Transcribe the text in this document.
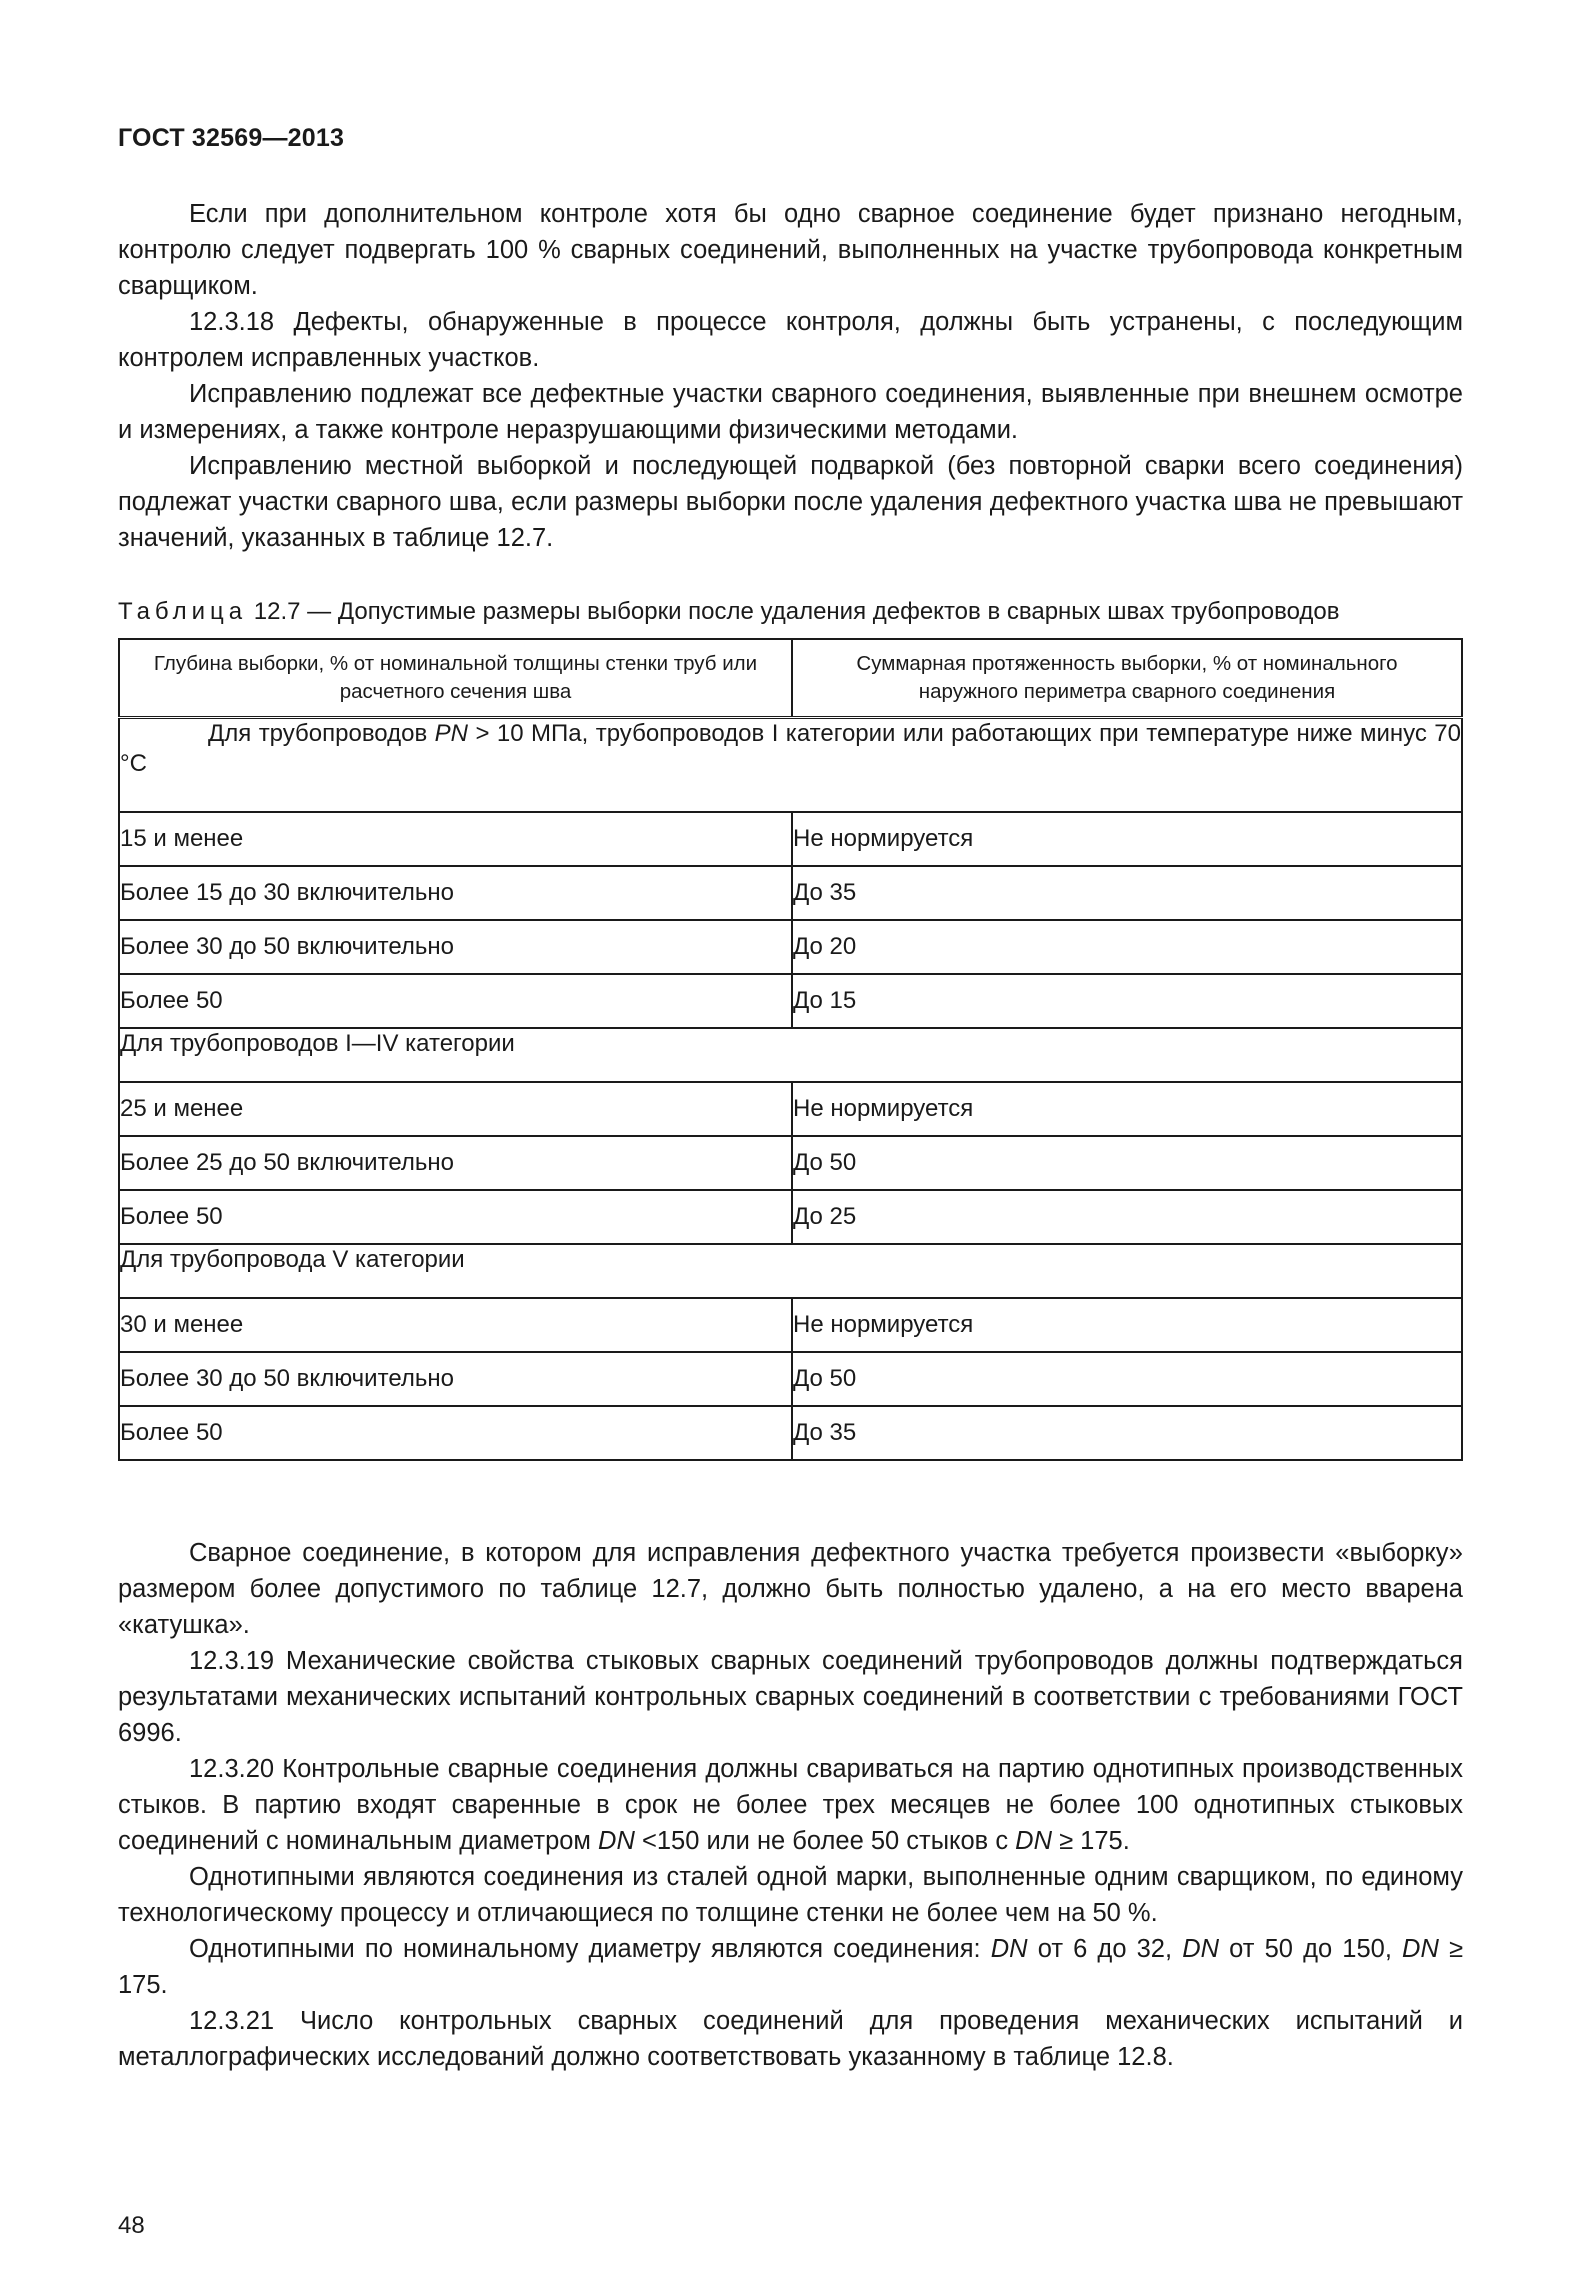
ГОСТ 32569—2013

Если при дополнительном контроле хотя бы одно сварное соединение будет признано негодным, контролю следует подвергать 100 % сварных соединений, выполненных на участке трубопровода конкретным сварщиком.

12.3.18 Дефекты, обнаруженные в процессе контроля, должны быть устранены, с последующим контролем исправленных участков.

Исправлению подлежат все дефектные участки сварного соединения, выявленные при внешнем осмотре и измерениях, а также контроле неразрушающими физическими методами.

Исправлению местной выборкой и последующей подваркой (без повторной сварки всего соединения) подлежат участки сварного шва, если размеры выборки после удаления дефектного участка шва не превышают значений, указанных в таблице 12.7.

Таблица 12.7 — Допустимые размеры выборки после удаления дефектов в сварных швах трубопроводов
Глубина выборки, % от номинальной толщины стенки труб или расчетного сечения шва	Суммарная протяженность выборки, % от номинального наружного периметра сварного соединения
Для трубопроводов PN > 10 МПа, трубопроводов I категории или работающих при температуре ниже минус 70 °С	
15 и менее	Не нормируется
Более 15 до 30 включительно	До 35
Более 30 до 50 включительно	До 20
Более 50	До 15
Для трубопроводов I—IV категории	
25 и менее	Не нормируется
Более 25 до 50 включительно	До 50
Более 50	До 25
Для трубопровода V категории	
30 и менее	Не нормируется
Более 30 до 50 включительно	До 50
Более 50	До 35

Сварное соединение, в котором для исправления дефектного участка требуется произвести «выборку» размером более допустимого по таблице 12.7, должно быть полностью удалено, а на его место вварена «катушка».

12.3.19 Механические свойства стыковых сварных соединений трубопроводов должны подтверждаться результатами механических испытаний контрольных сварных соединений в соответствии с требованиями ГОСТ 6996.

12.3.20 Контрольные сварные соединения должны свариваться на партию однотипных производственных стыков. В партию входят сваренные в срок не более трех месяцев не более 100 однотипных стыковых соединений с номинальным диаметром DN <150 или не более 50 стыков с DN ≥ 175.

Однотипными являются соединения из сталей одной марки, выполненные одним сварщиком, по единому технологическому процессу и отличающиеся по толщине стенки не более чем на 50 %.

Однотипными по номинальному диаметру являются соединения: DN от 6 до 32, DN от 50 до 150, DN ≥ 175.

12.3.21 Число контрольных сварных соединений для проведения механических испытаний и металлографических исследований должно соответствовать указанному в таблице 12.8.

48
